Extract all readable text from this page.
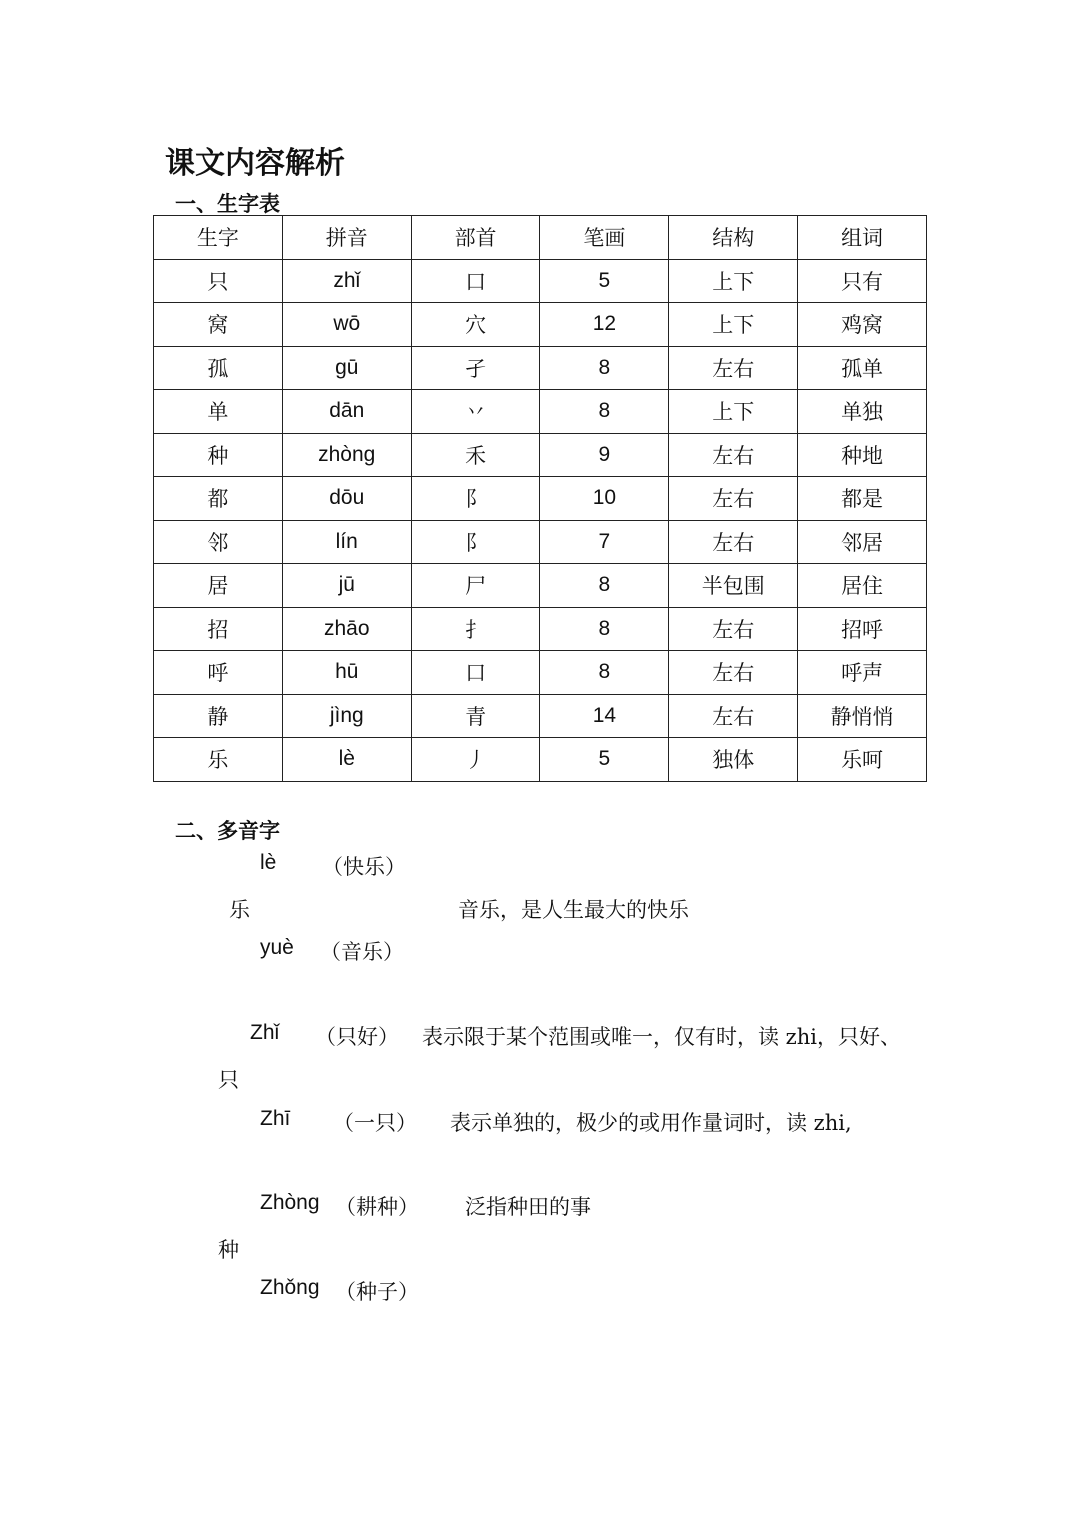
课文内容解析
一、生字表
生字	拼音	部首	笔画	结构	组词
只	zhǐ	口	5	上下	只有
窝	wō	穴	12	上下	鸡窝
孤	gū	孑	8	左右	孤单
单	dān	丷	8	上下	单独
种	zhòng	禾	9	左右	种地
都	dōu	阝	10	左右	都是
邻	lín	阝	7	左右	邻居
居	jū	尸	8	半包围	居住
招	zhāo	扌	8	左右	招呼
呼	hū	口	8	左右	呼声
静	jìng	青	14	左右	静悄悄
乐	lè	丿	5	独体	乐呵
二、多音字
lè （快乐）
乐	音乐，是人生最大的快乐
yuè （音乐）
Zhǐ （只好） 表示限于某个范围或唯一，仅有时，读 zhi，只好、
只
Zhī （一只） 表示单独的，极少的或用作量词时，读 zhi,
Zhòng （耕种） 泛指种田的事
种
Zhǒng （种子）
